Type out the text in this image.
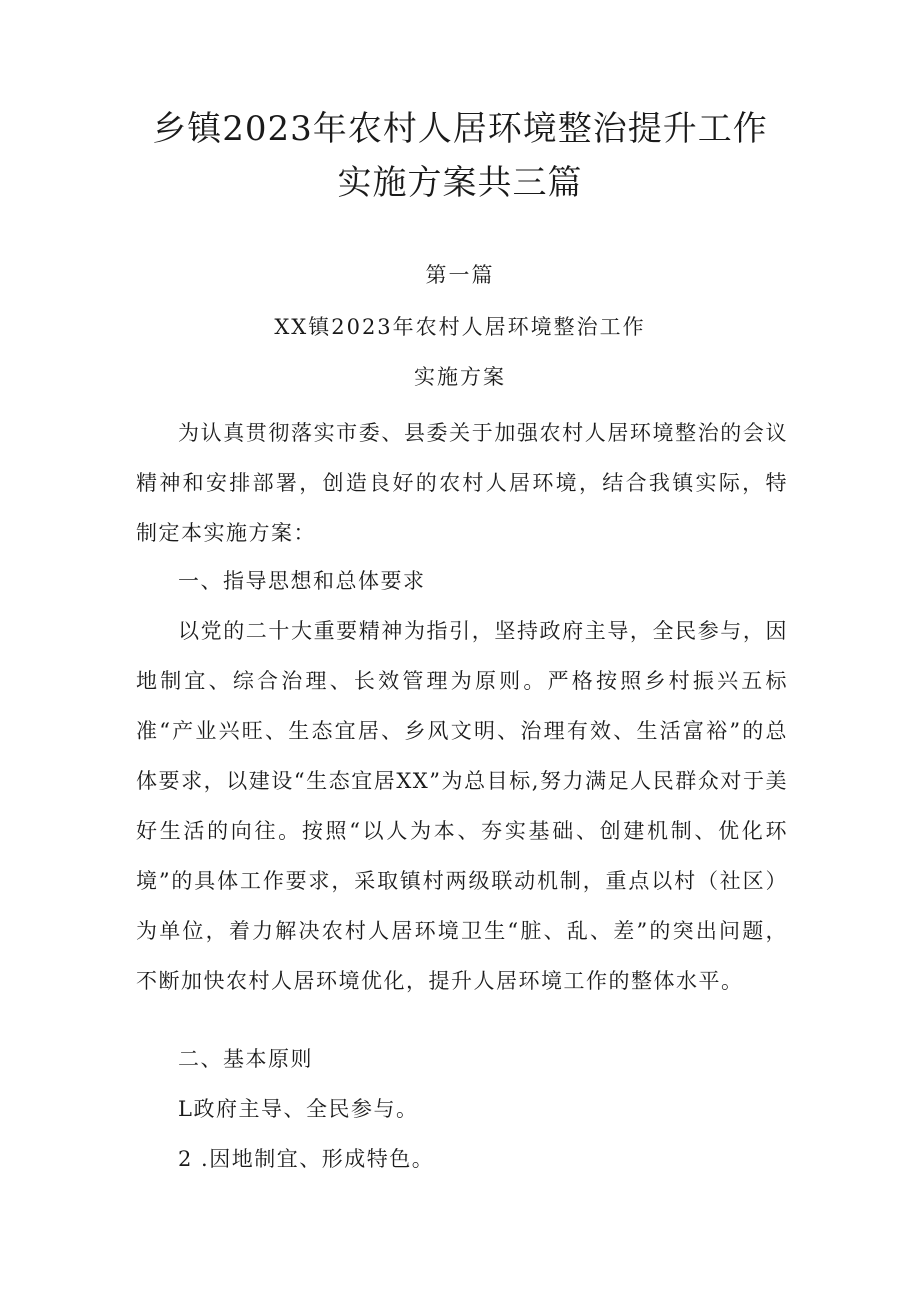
乡镇2023年农村人居环境整治提升工作
实施方案共三篇
第一篇
XX镇2023年农村人居环境整治工作
实施方案

为认真贯彻落实市委、县委关于加强农村人居环境整治的会议精神和安排部署，创造良好的农村人居环境，结合我镇实际，特制定本实施方案：

一、指导思想和总体要求

以党的二十大重要精神为指引，坚持政府主导，全民参与，因地制宜、综合治理、长效管理为原则。严格按照乡村振兴五标准“产业兴旺、生态宜居、乡风文明、治理有效、生活富裕”的总体要求，以建设“生态宜居XX”为总目标,努力满足人民群众对于美好生活的向往。按照“以人为本、夯实基础、创建机制、优化环境”的具体工作要求，采取镇村两级联动机制，重点以村（社区）为单位，着力解决农村人居环境卫生“脏、乱、差”的突出问题，不断加快农村人居环境优化，提升人居环境工作的整体水平。

二、基本原则

L政府主导、全民参与。

2 .因地制宜、形成特色。
